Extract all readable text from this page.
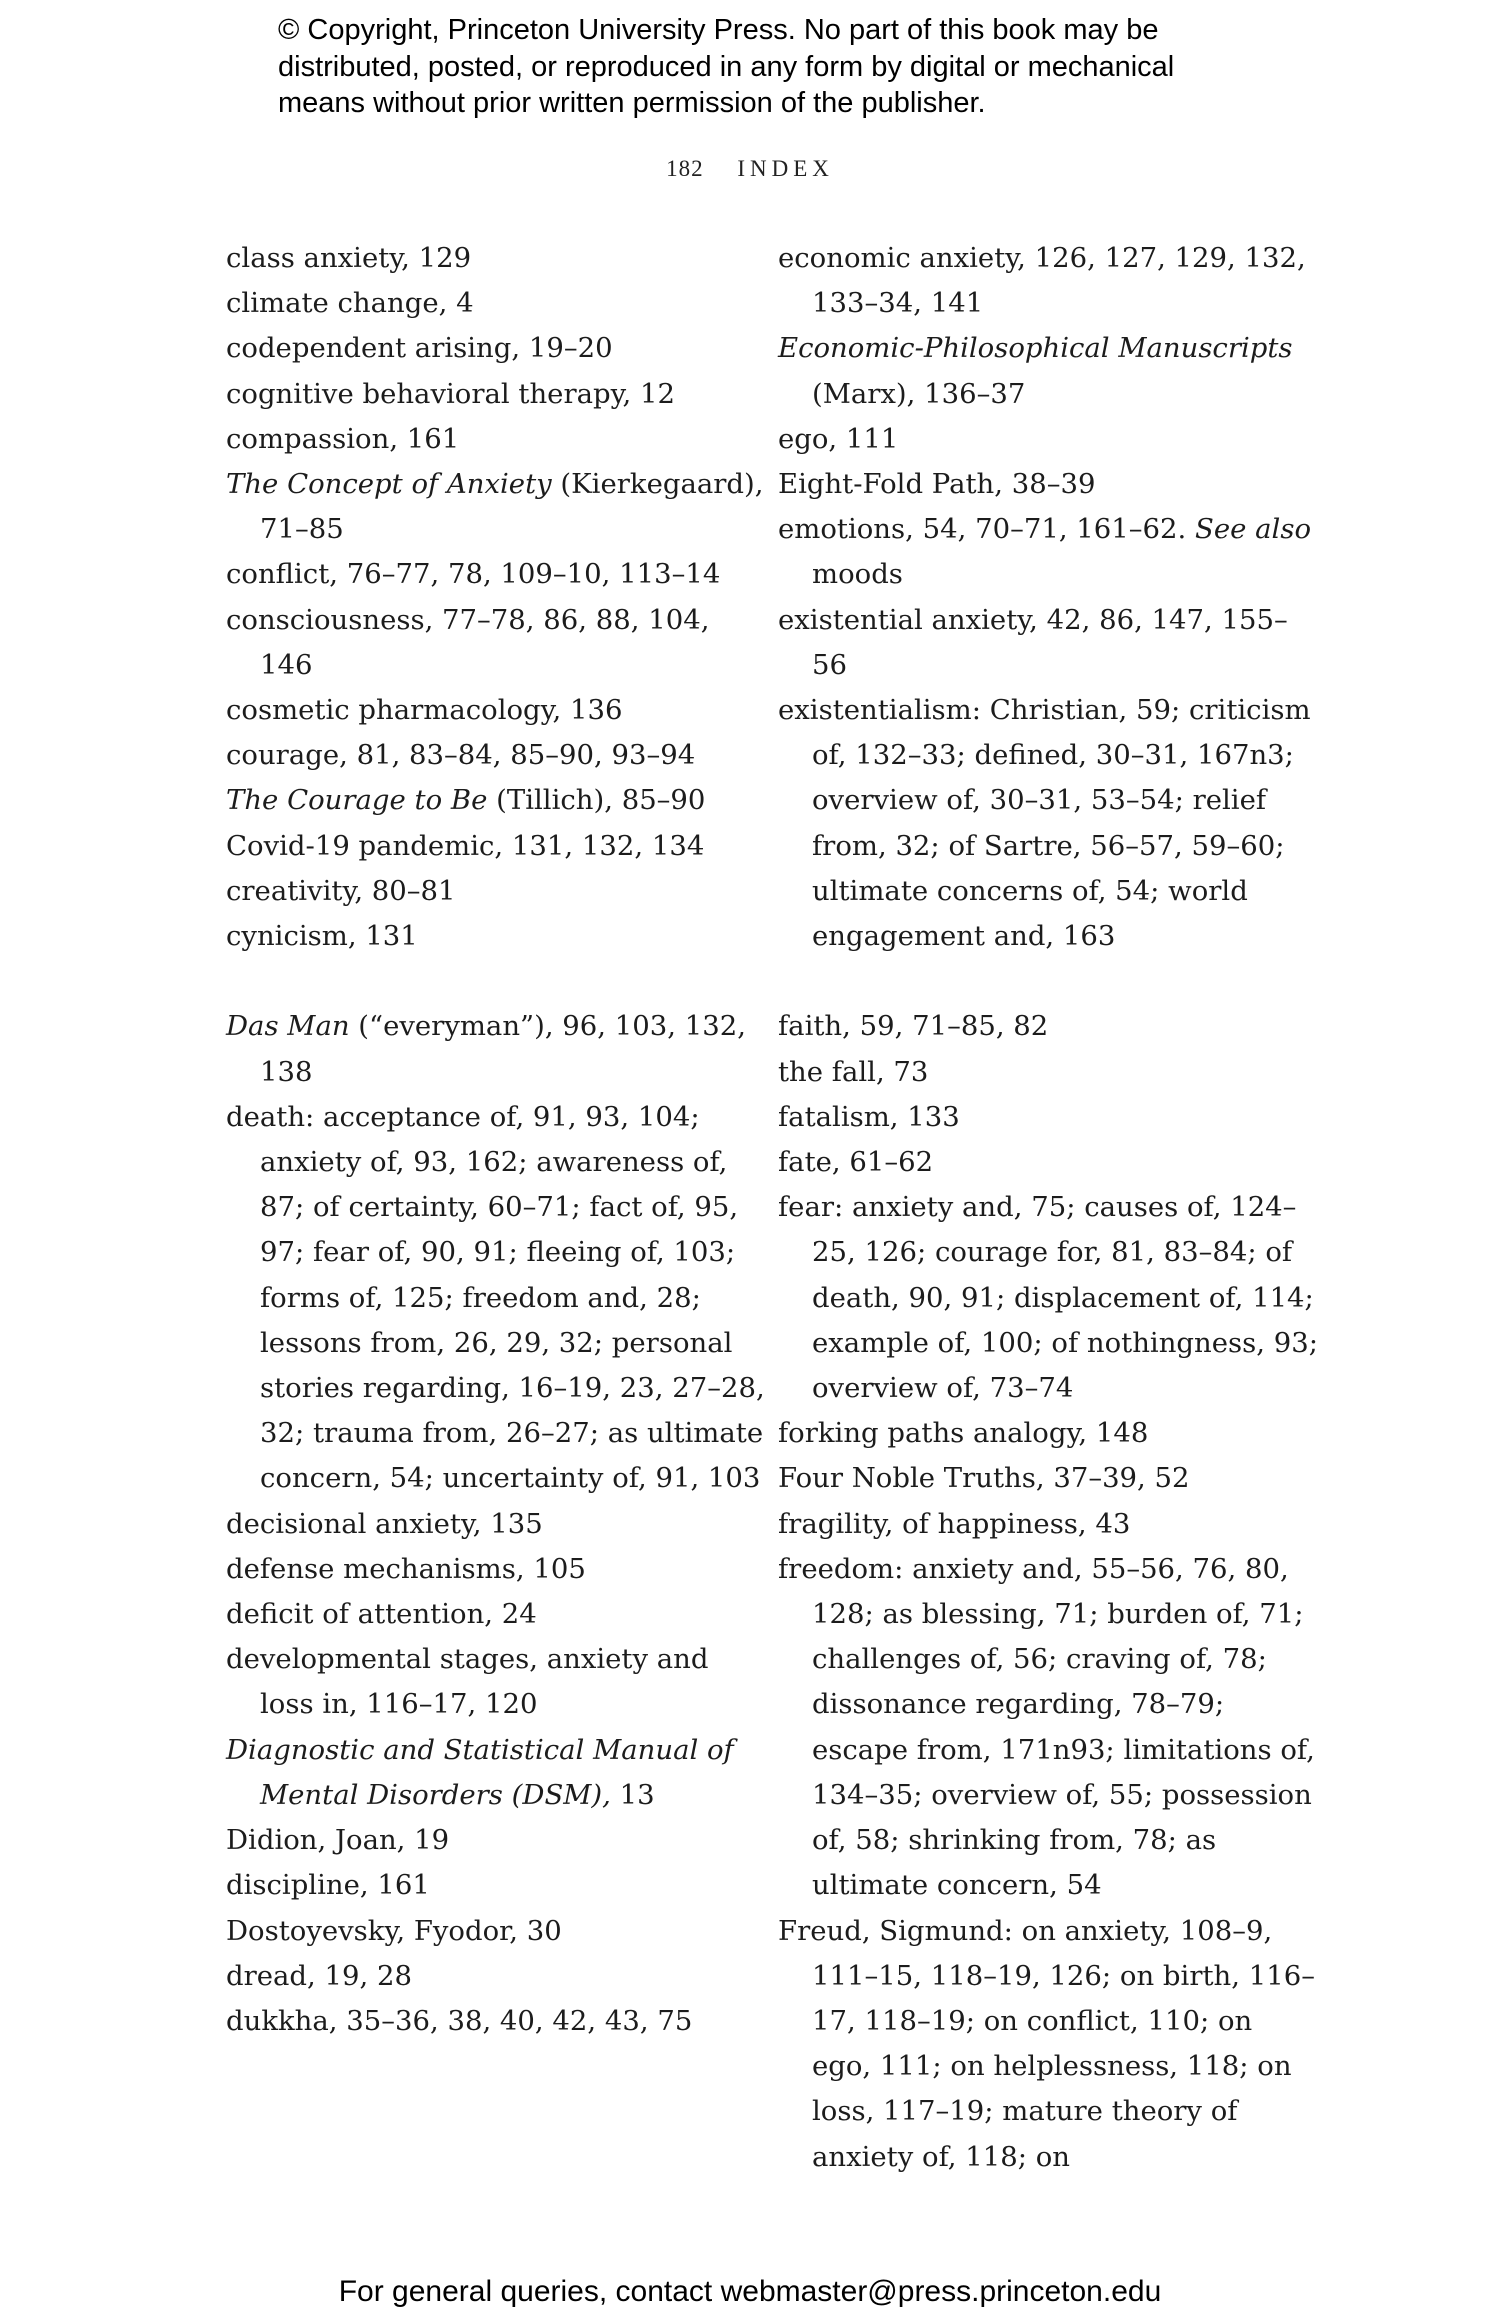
© Copyright, Princeton University Press. No part of this book may be
distributed, posted, or reproduced in any form by digital or mechanical
means without prior written permission of the publisher.
182 INDEX
class anxiety, 129
climate change, 4
codependent arising, 19–20
cognitive behavioral therapy, 12
compassion, 161
The Concept of Anxiety (Kierkegaard), 71–85
conflict, 76–77, 78, 109–10, 113–14
consciousness, 77–78, 86, 88, 104, 146
cosmetic pharmacology, 136
courage, 81, 83–84, 85–90, 93–94
The Courage to Be (Tillich), 85–90
Covid-19 pandemic, 131, 132, 134
creativity, 80–81
cynicism, 131
Das Man (“everyman”), 96, 103, 132, 138
death: acceptance of, 91, 93, 104; anxiety of, 93, 162; awareness of, 87; of certainty, 60–71; fact of, 95, 97; fear of, 90, 91; fleeing of, 103; forms of, 125; freedom and, 28; lessons from, 26, 29, 32; personal stories regarding, 16–19, 23, 27–28, 32; trauma from, 26–27; as ultimate concern, 54; uncertainty of, 91, 103
decisional anxiety, 135
defense mechanisms, 105
deficit of attention, 24
developmental stages, anxiety and loss in, 116–17, 120
Diagnostic and Statistical Manual of Mental Disorders (DSM), 13
Didion, Joan, 19
discipline, 161
Dostoyevsky, Fyodor, 30
dread, 19, 28
dukkha, 35–36, 38, 40, 42, 43, 75
economic anxiety, 126, 127, 129, 132, 133–34, 141
Economic-Philosophical Manuscripts (Marx), 136–37
ego, 111
Eight-Fold Path, 38–39
emotions, 54, 70–71, 161–62. See also moods
existential anxiety, 42, 86, 147, 155–56
existentialism: Christian, 59; criticism of, 132–33; defined, 30–31, 167n3; overview of, 30–31, 53–54; relief from, 32; of Sartre, 56–57, 59–60; ultimate concerns of, 54; world engagement and, 163
faith, 59, 71–85, 82
the fall, 73
fatalism, 133
fate, 61–62
fear: anxiety and, 75; causes of, 124–25, 126; courage for, 81, 83–84; of death, 90, 91; displacement of, 114; example of, 100; of nothingness, 93; overview of, 73–74
forking paths analogy, 148
Four Noble Truths, 37–39, 52
fragility, of happiness, 43
freedom: anxiety and, 55–56, 76, 80, 128; as blessing, 71; burden of, 71; challenges of, 56; craving of, 78; dissonance regarding, 78–79; escape from, 171n93; limitations of, 134–35; overview of, 55; possession of, 58; shrinking from, 78; as ultimate concern, 54
Freud, Sigmund: on anxiety, 108–9, 111–15, 118–19, 126; on birth, 116–17, 118–19; on conflict, 110; on ego, 111; on helplessness, 118; on loss, 117–19; mature theory of anxiety of, 118; on
For general queries, contact webmaster@press.princeton.edu
